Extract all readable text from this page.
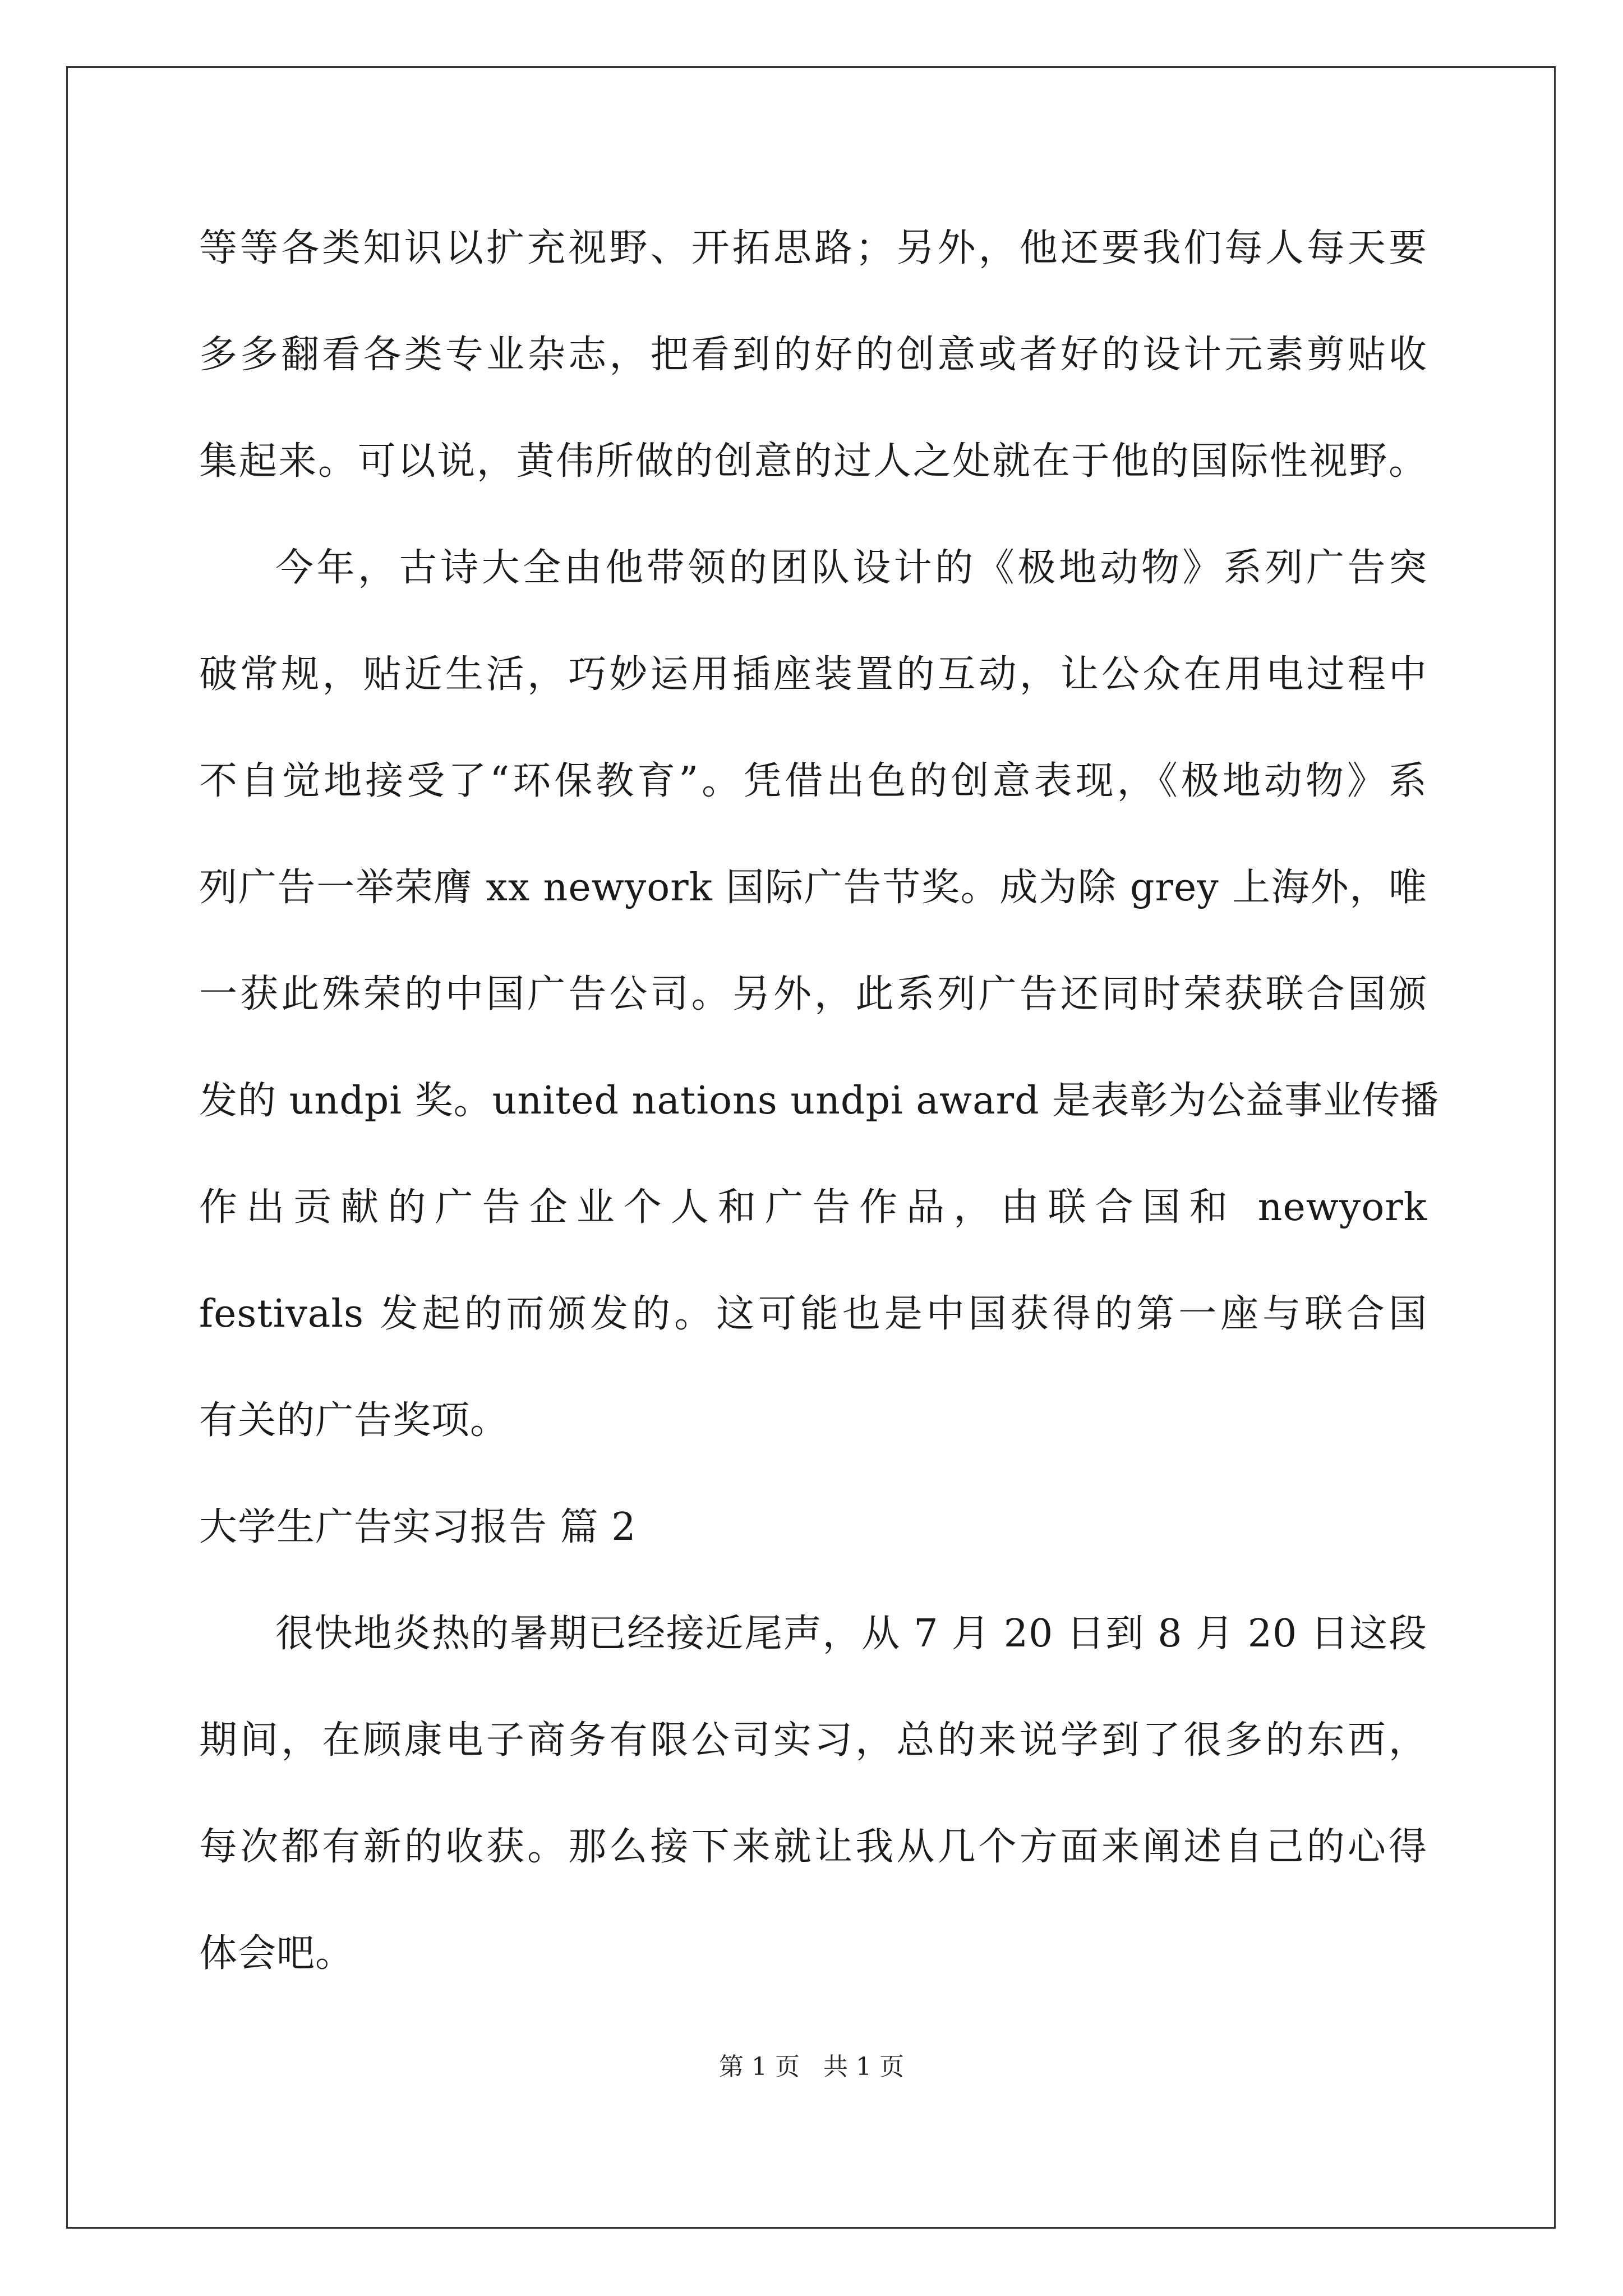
等等各类知识以扩充视野、开拓思路；另外，他还要我们每人每天要
多多翻看各类专业杂志，把看到的好的创意或者好的设计元素剪贴收
集起来。可以说，黄伟所做的创意的过人之处就在于他的国际性视野。
今年，古诗大全由他带领的团队设计的《极地动物》系列广告突
破常规，贴近生活，巧妙运用插座装置的互动，让公众在用电过程中
不自觉地接受了“环保教育”。凭借出色的创意表现，《极地动物》系
列广告一举荣膺 xx newyork 国际广告节奖。成为除 grey 上海外，唯
一获此殊荣的中国广告公司。另外，此系列广告还同时荣获联合国颁
发的 undpi 奖。united nations undpi award 是表彰为公益事业传播
作出贡献的广告企业个人和广告作品，由联合国和 newyork
festivals 发起的而颁发的。这可能也是中国获得的第一座与联合国
有关的广告奖项。
大学生广告实习报告 篇 2
很快地炎热的暑期已经接近尾声，从 7 月 20 日到 8 月 20 日这段
期间，在顾康电子商务有限公司实习，总的来说学到了很多的东西，
每次都有新的收获。那么接下来就让我从几个方面来阐述自己的心得
体会吧。
第 1 页 共 1 页
